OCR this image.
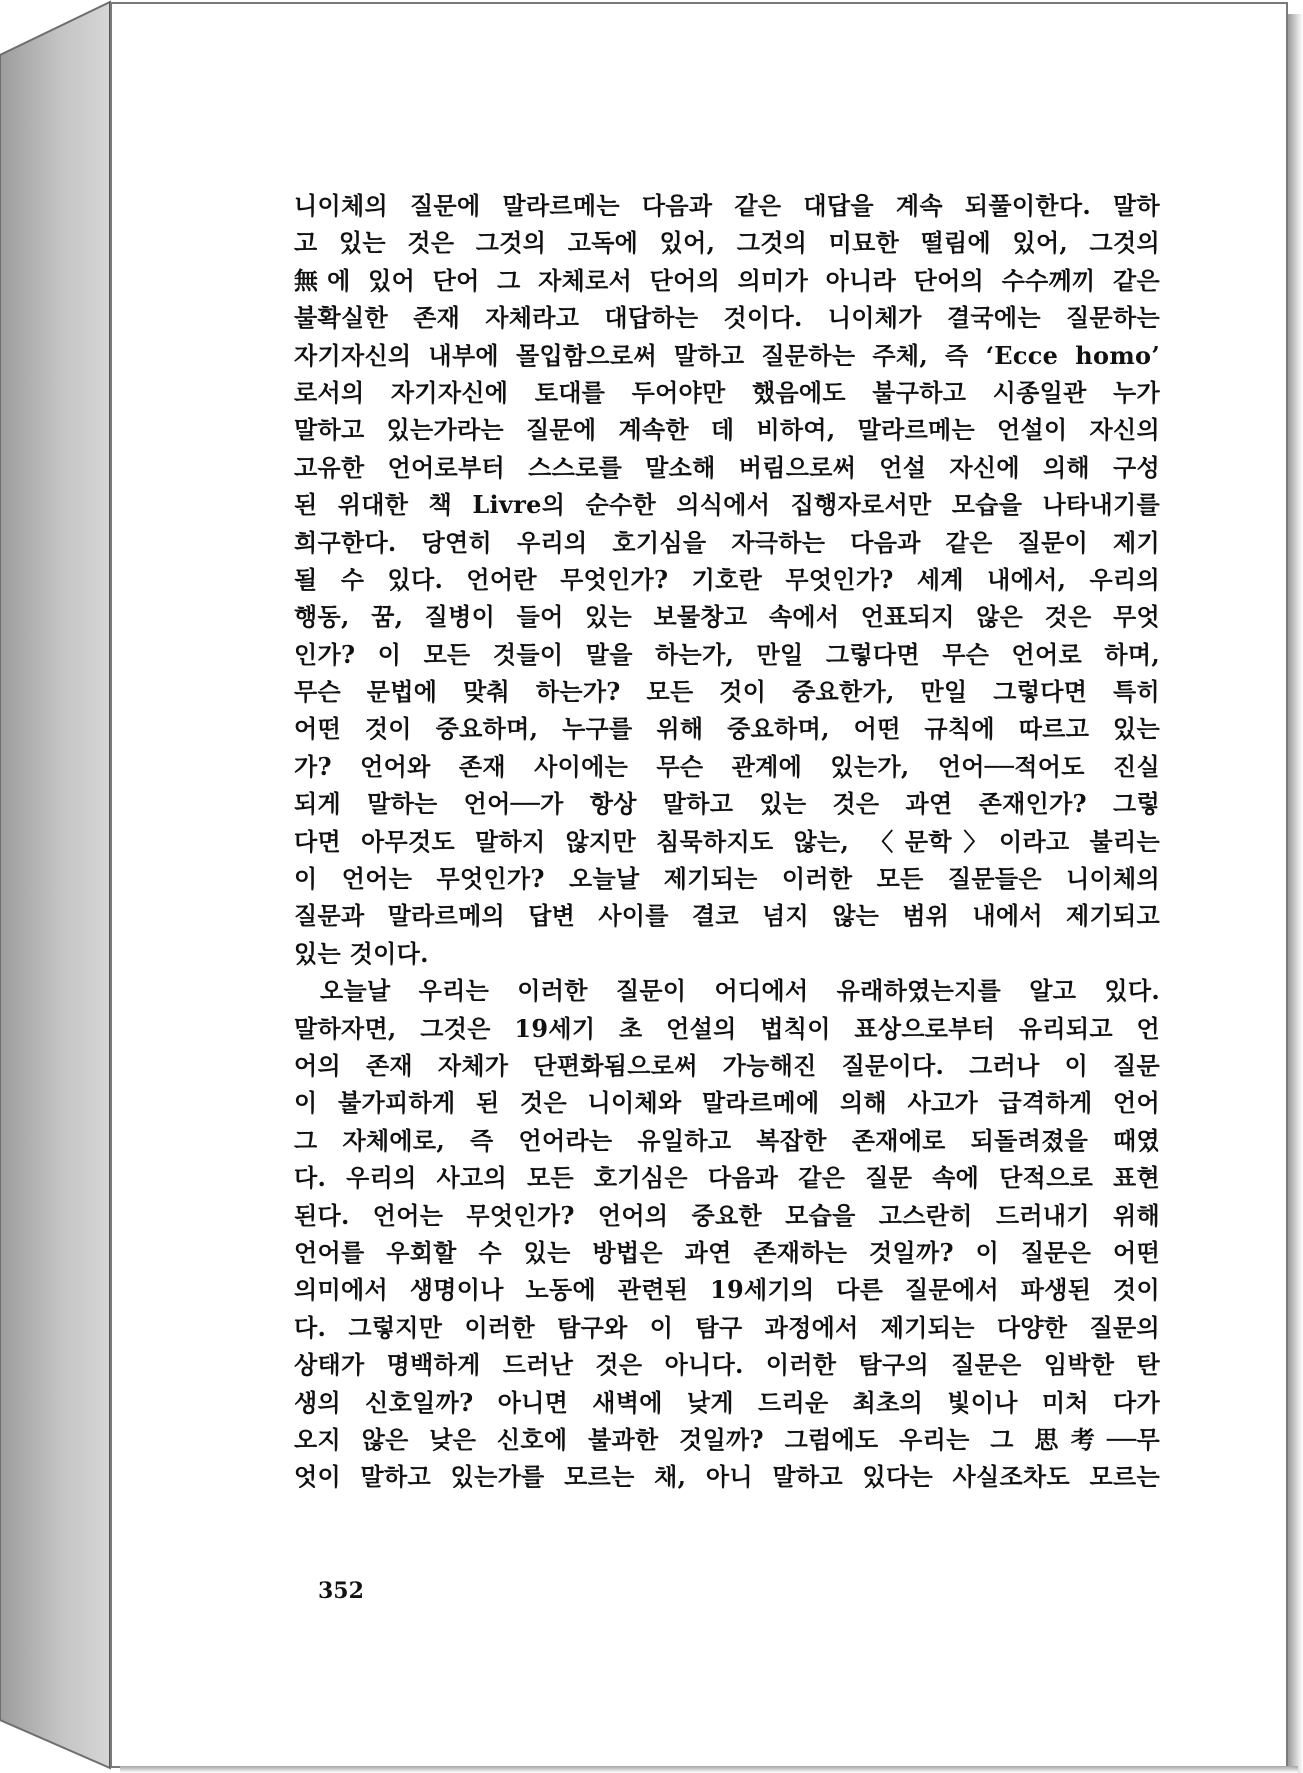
니이체의 질문에 말라르메는 다음과 같은 대답을 계속 되풀이한다. 말하
고 있는 것은 그것의 고독에 있어, 그것의 미묘한 떨림에 있어, 그것의
無에 있어 단어 그 자체로서 단어의 의미가 아니라 단어의 수수께끼 같은
불확실한 존재 자체라고 대답하는 것이다. 니이체가 결국에는 질문하는
자기자신의 내부에 몰입함으로써 말하고 질문하는 주체, 즉 ‘Ecce homo’
로서의 자기자신에 토대를 두어야만 했음에도 불구하고 시종일관 누가
말하고 있는가라는 질문에 계속한 데 비하여, 말라르메는 언설이 자신의
고유한 언어로부터 스스로를 말소해 버림으로써 언설 자신에 의해 구성
된 위대한 책 Livre의 순수한 의식에서 집행자로서만 모습을 나타내기를
희구한다. 당연히 우리의 호기심을 자극하는 다음과 같은 질문이 제기
될 수 있다. 언어란 무엇인가? 기호란 무엇인가? 세계 내에서, 우리의
행동, 꿈, 질병이 들어 있는 보물창고 속에서 언표되지 않은 것은 무엇
인가? 이 모든 것들이 말을 하는가, 만일 그렇다면 무슨 언어로 하며,
무슨 문법에 맞춰 하는가? 모든 것이 중요한가, 만일 그렇다면 특히
어떤 것이 중요하며, 누구를 위해 중요하며, 어떤 규칙에 따르고 있는
가? 언어와 존재 사이에는 무슨 관계에 있는가, 언어──적어도 진실
되게 말하는 언어──가 항상 말하고 있는 것은 과연 존재인가? 그렇
다면 아무것도 말하지 않지만 침묵하지도 않는, 〈문학〉이라고 불리는
이 언어는 무엇인가? 오늘날 제기되는 이러한 모든 질문들은 니이체의
질문과 말라르메의 답변 사이를 결코 넘지 않는 범위 내에서 제기되고
있는 것이다.
오늘날 우리는 이러한 질문이 어디에서 유래하였는지를 알고 있다.
말하자면, 그것은 19세기 초 언설의 법칙이 표상으로부터 유리되고 언
어의 존재 자체가 단편화됨으로써 가능해진 질문이다. 그러나 이 질문
이 불가피하게 된 것은 니이체와 말라르메에 의해 사고가 급격하게 언어
그 자체에로, 즉 언어라는 유일하고 복잡한 존재에로 되돌려졌을 때였
다. 우리의 사고의 모든 호기심은 다음과 같은 질문 속에 단적으로 표현
된다. 언어는 무엇인가? 언어의 중요한 모습을 고스란히 드러내기 위해
언어를 우회할 수 있는 방법은 과연 존재하는 것일까? 이 질문은 어떤
의미에서 생명이나 노동에 관련된 19세기의 다른 질문에서 파생된 것이
다. 그렇지만 이러한 탐구와 이 탐구 과정에서 제기되는 다양한 질문의
상태가 명백하게 드러난 것은 아니다. 이러한 탐구의 질문은 임박한 탄
생의 신호일까? 아니면 새벽에 낮게 드리운 최초의 빛이나 미처 다가
오지 않은 낮은 신호에 불과한 것일까? 그럼에도 우리는 그 思考──무
엇이 말하고 있는가를 모르는 채, 아니 말하고 있다는 사실조차도 모르는
352
